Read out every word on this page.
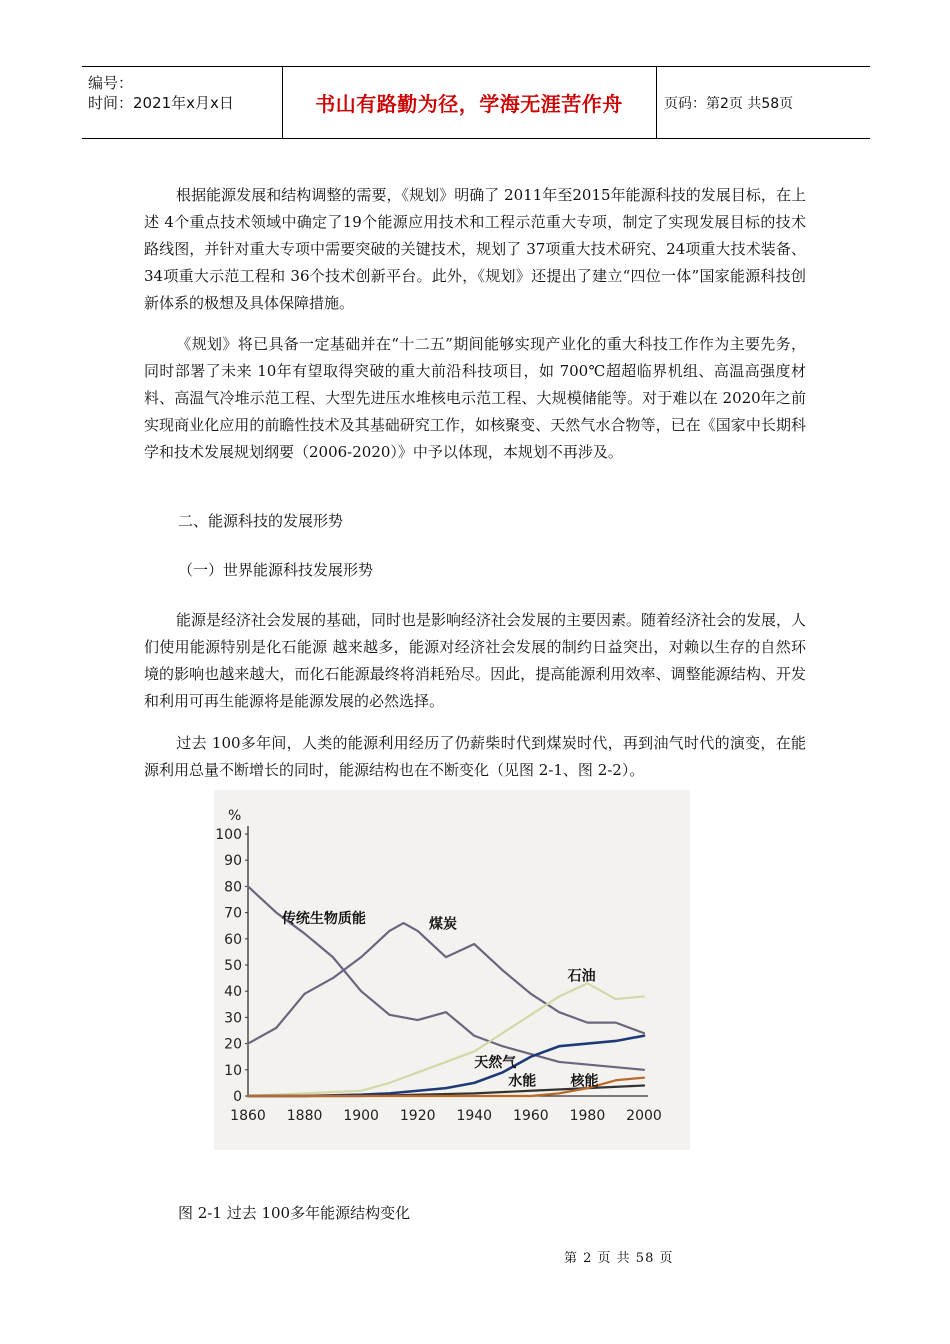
编号：
时间：2021年x月x日	书山有路勤为径，学海无涯苦作舟	页码：第2页 共58页
根据能源发展和结构调整的需要，《规划》明确了 2011年至2015年能源科技的发展目标，在上述 4个重点技术领域中确定了19个能源应用技术和工程示范重大专项，制定了实现发展目标的技术路线图，并针对重大专项中需要突破的关键技术，规划了 37项重大技术研究、24项重大技术装备、34项重大示范工程和 36个技术创新平台。此外，《规划》还提出了建立“四位一体”国家能源科技创新体系的极想及具体保障措施。
《规划》将已具备一定基础并在“十二五”期间能够实现产业化的重大科技工作作为主要先务，同时部署了未来 10年有望取得突破的重大前沿科技项目，如 700℃超超临界机组、高温高强度材料、高温气冷堆示范工程、大型先进压水堆核电示范工程、大规模储能等。对于难以在 2020年之前实现商业化应用的前瞻性技术及其基础研究工作，如核聚变、天然气水合物等，已在《国家中长期科学和技术发展规划纲要（2006-2020）》中予以体现，本规划不再涉及。
二、能源科技的发展形势
（一）世界能源科技发展形势
能源是经济社会发展的基础，同时也是影响经济社会发展的主要因素。随着经济社会的发展，人们使用能源特别是化石能源 越来越多，能源对经济社会发展的制约日益突出，对赖以生存的自然环境的影响也越来越大，而化石能源最终将消耗殆尽。因此，提高能源利用效率、调整能源结构、开发和利用可再生能源将是能源发展的必然选择。
过去 100多年间，人类的能源利用经历了仍薪柴时代到煤炭时代，再到油气时代的演变，在能源利用总量不断增长的同时，能源结构也在不断变化（见图 2-1、图 2-2）。
%
0
10
20
30
40
50
60
70
80
90
100
1860 1880 1900 1920 1940 1960 1980 2000
传统生物质能	煤炭
石油
天然气
水能 核能
图 2-1 过去 100多年能源结构变化
第 2 页 共 58 页
